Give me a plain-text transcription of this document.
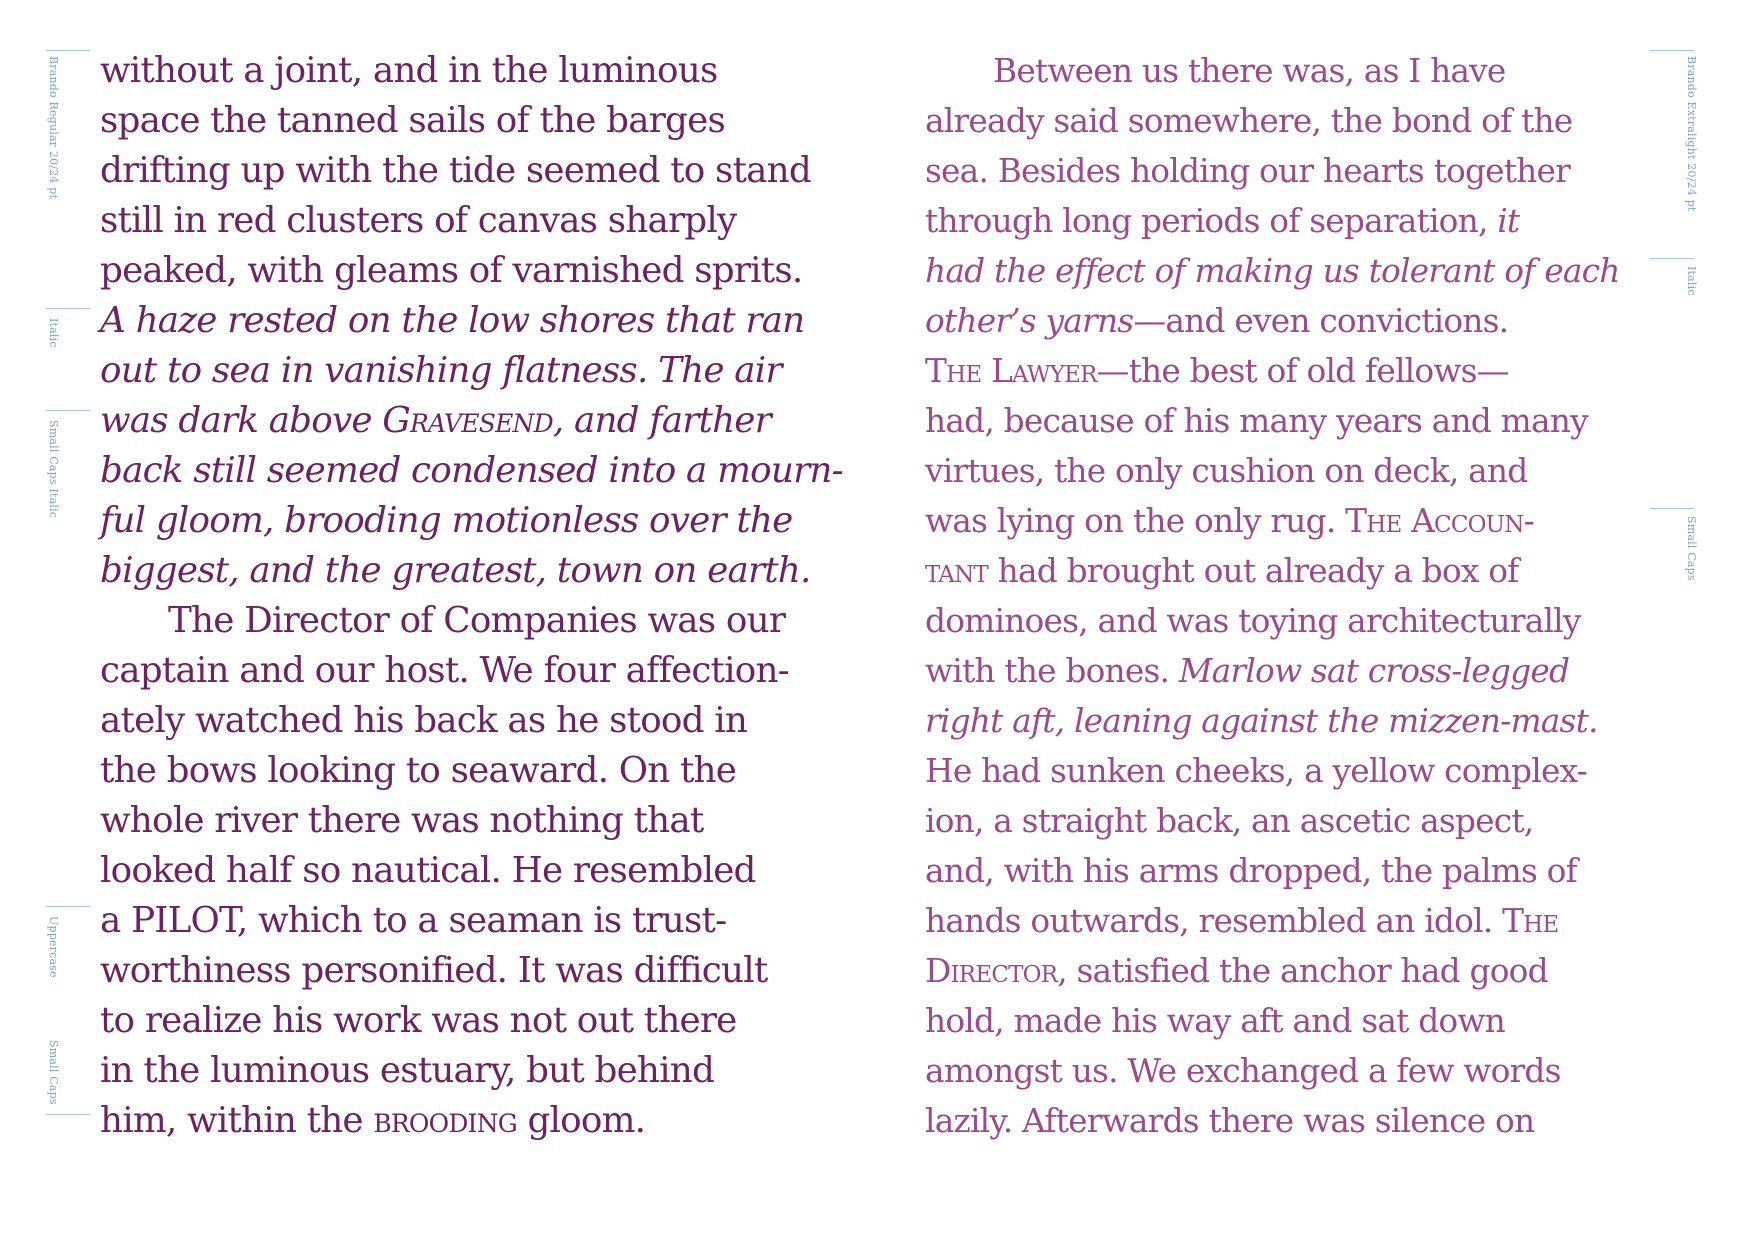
Brando Regular 20/24 pt
Italic
Small Caps Italic
Uppercase
Small Caps
Brando Extralight 20/24 pt
Italic
Small Caps
without a joint, and in the luminous
space the tanned sails of the barges
drifting up with the tide seemed to stand
still in red clusters of canvas sharply
peaked, with gleams of varnished sprits.
A haze rested on the low shores that ran
out to sea in vanishing flatness. The air
was dark above Gravesend, and farther
back still seemed condensed into a mourn-
ful gloom, brooding motionless over the
biggest, and the greatest, town on earth.
The Director of Companies was our
captain and our host. We four affection-
ately watched his back as he stood in
the bows looking to seaward. On the
whole river there was nothing that
looked half so nautical. He resembled
a PILOT, which to a seaman is trust-
worthiness personified. It was difficult
to realize his work was not out there
in the luminous estuary, but behind
him, within the brooding gloom.
Between us there was, as I have
already said somewhere, the bond of the
sea. Besides holding our hearts together
through long periods of separation, it
had the effect of making us tolerant of each
other’s yarns—and even convictions.
The Lawyer—the best of old fellows—
had, because of his many years and many
virtues, the only cushion on deck, and
was lying on the only rug. The Accoun-
tant had brought out already a box of
dominoes, and was toying architecturally
with the bones. Marlow sat cross-legged
right aft, leaning against the mizzen-mast.
He had sunken cheeks, a yellow complex-
ion, a straight back, an ascetic aspect,
and, with his arms dropped, the palms of
hands outwards, resembled an idol. The
Director, satisfied the anchor had good
hold, made his way aft and sat down
amongst us. We exchanged a few words
lazily. Afterwards there was silence on
